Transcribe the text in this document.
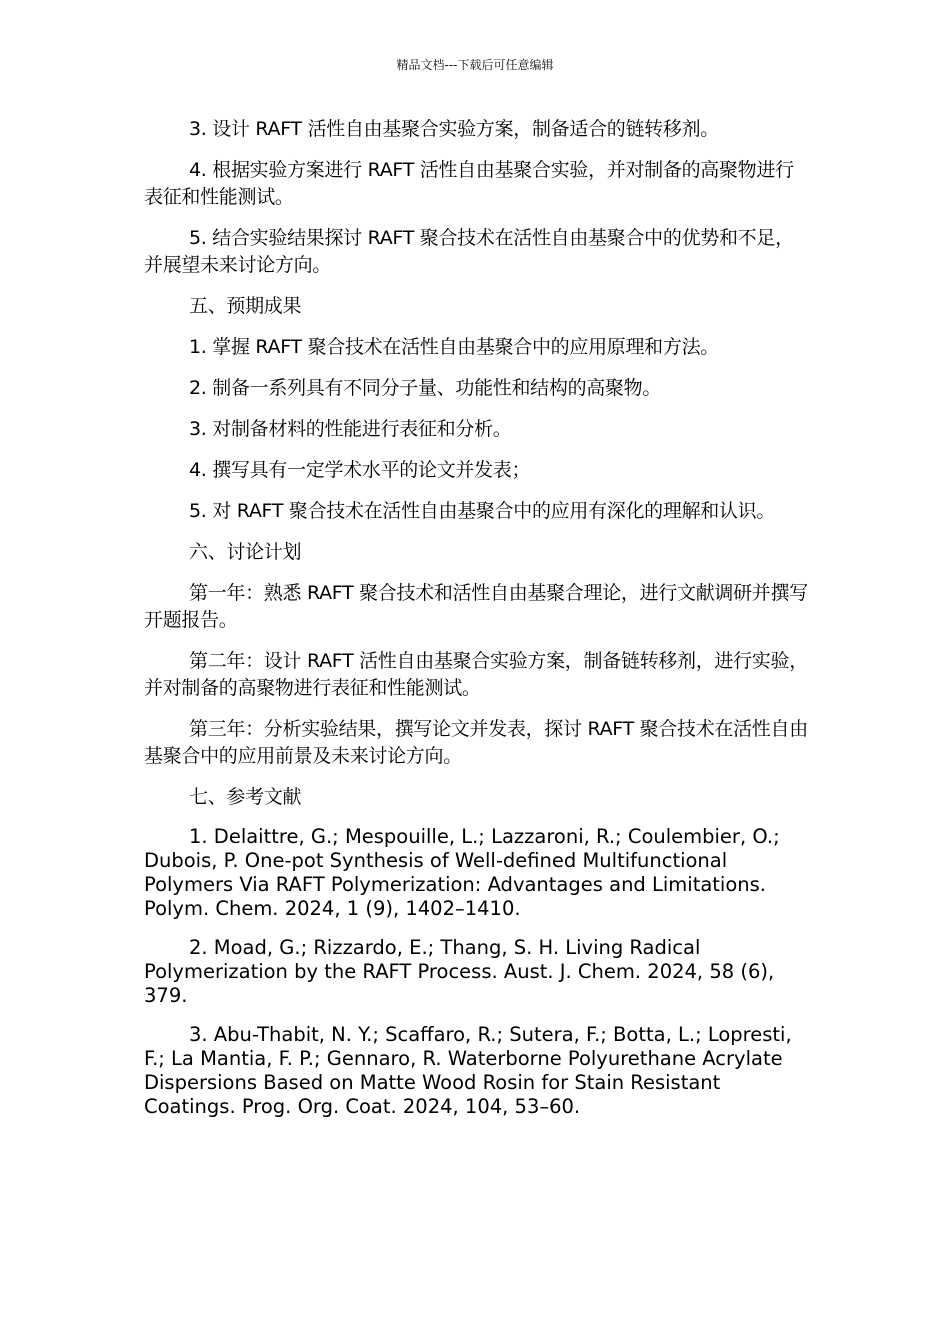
精品文档---下载后可任意编辑

3. 设计 RAFT 活性自由基聚合实验方案，制备适合的链转移剂。

4. 根据实验方案进行 RAFT 活性自由基聚合实验，并对制备的高聚物进行表征和性能测试。

5. 结合实验结果探讨 RAFT 聚合技术在活性自由基聚合中的优势和不足，并展望未来讨论方向。

五、预期成果

1. 掌握 RAFT 聚合技术在活性自由基聚合中的应用原理和方法。

2. 制备一系列具有不同分子量、功能性和结构的高聚物。

3. 对制备材料的性能进行表征和分析。

4. 撰写具有一定学术水平的论文并发表；

5. 对 RAFT 聚合技术在活性自由基聚合中的应用有深化的理解和认识。

六、讨论计划

第一年：熟悉 RAFT 聚合技术和活性自由基聚合理论，进行文献调研并撰写开题报告。

第二年：设计 RAFT 活性自由基聚合实验方案，制备链转移剂，进行实验，并对制备的高聚物进行表征和性能测试。

第三年：分析实验结果，撰写论文并发表，探讨 RAFT 聚合技术在活性自由基聚合中的应用前景及未来讨论方向。

七、参考文献

1. Delaittre, G.; Mespouille, L.; Lazzaroni, R.; Coulembier, O.; Dubois, P. One-pot Synthesis of Well-defined Multifunctional Polymers Via RAFT Polymerization: Advantages and Limitations. Polym. Chem. 2024, 1 (9), 1402–1410.

2. Moad, G.; Rizzardo, E.; Thang, S. H. Living Radical Polymerization by the RAFT Process. Aust. J. Chem. 2024, 58 (6), 379.

3. Abu-Thabit, N. Y.; Scaffaro, R.; Sutera, F.; Botta, L.; Lopresti, F.; La Mantia, F. P.; Gennaro, R. Waterborne Polyurethane Acrylate Dispersions Based on Matte Wood Rosin for Stain Resistant Coatings. Prog. Org. Coat. 2024, 104, 53–60.
